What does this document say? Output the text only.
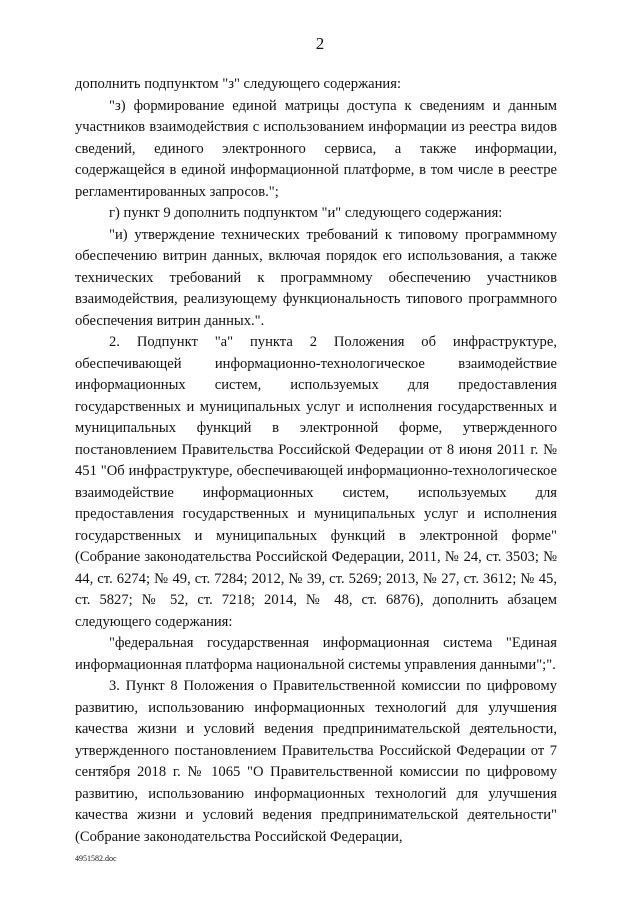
2

дополнить подпунктом "з" следующего содержания:

"з) формирование единой матрицы доступа к сведениям и данным участников взаимодействия с использованием информации из реестра видов сведений, единого электронного сервиса, а также информации, содержащейся в единой информационной платформе, в том числе в реестре регламентированных запросов.";

г) пункт 9 дополнить подпунктом "и" следующего содержания:

"и) утверждение технических требований к типовому программному обеспечению витрин данных, включая порядок его использования, а также технических требований к программному обеспечению участников взаимодействия, реализующему функциональность типового программного обеспечения витрин данных.".

2. Подпункт "а" пункта 2 Положения об инфраструктуре, обеспечивающей информационно-технологическое взаимодействие информационных систем, используемых для предоставления государственных и муниципальных услуг и исполнения государственных и муниципальных функций в электронной форме, утвержденного постановлением Правительства Российской Федерации от 8 июня 2011 г. № 451 "Об инфраструктуре, обеспечивающей информационно-технологическое взаимодействие информационных систем, используемых для предоставления государственных и муниципальных услуг и исполнения государственных и муниципальных функций в электронной форме" (Собрание законодательства Российской Федерации, 2011, № 24, ст. 3503; № 44, ст. 6274; № 49, ст. 7284; 2012, № 39, ст. 5269; 2013, № 27, ст. 3612; № 45, ст. 5827; № 52, ст. 7218; 2014, № 48, ст. 6876), дополнить абзацем следующего содержания:

"федеральная государственная информационная система "Единая информационная платформа национальной системы управления данными";".

3. Пункт 8 Положения о Правительственной комиссии по цифровому развитию, использованию информационных технологий для улучшения качества жизни и условий ведения предпринимательской деятельности, утвержденного постановлением Правительства Российской Федерации от 7 сентября 2018 г. № 1065 "О Правительственной комиссии по цифровому развитию, использованию информационных технологий для улучшения качества жизни и условий ведения предпринимательской деятельности" (Собрание законодательства Российской Федерации,

4951582.doc
